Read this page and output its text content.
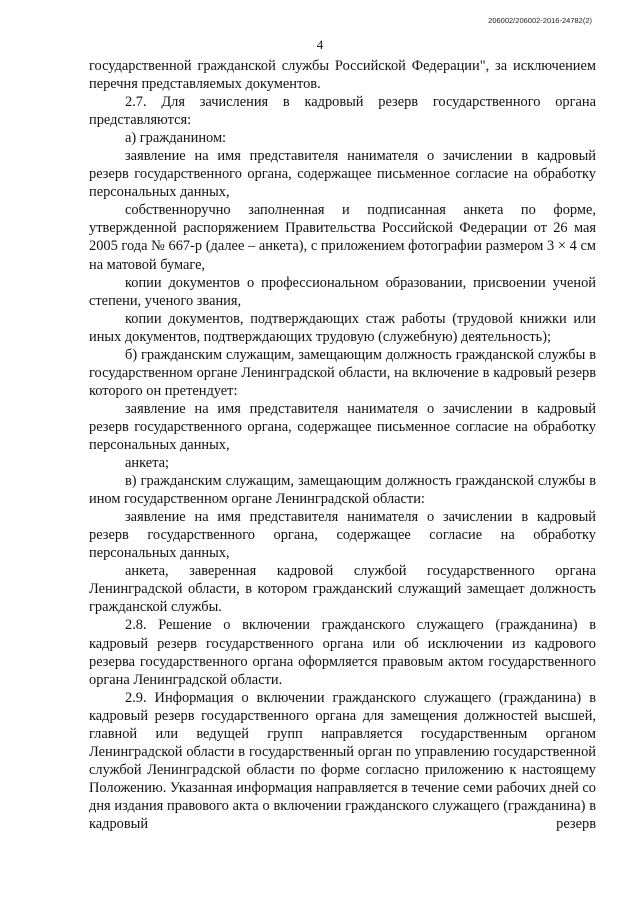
206002/206002-2016-24782(2)
4

государственной гражданской службы Российской Федерации", за исключением перечня представляемых документов.

2.7. Для зачисления в кадровый резерв государственного органа представляются:

а) гражданином:

заявление на имя представителя нанимателя о зачислении в кадровый резерв государственного органа, содержащее письменное согласие на обработку персональных данных,

собственноручно заполненная и подписанная анкета по форме, утвержденной распоряжением Правительства Российской Федерации от 26 мая 2005 года № 667-р (далее – анкета), с приложением фотографии размером 3 × 4 см на матовой бумаге,

копии документов о профессиональном образовании, присвоении ученой степени, ученого звания,

копии документов, подтверждающих стаж работы (трудовой книжки или иных документов, подтверждающих трудовую (служебную) деятельность);

б) гражданским служащим, замещающим должность гражданской службы в государственном органе Ленинградской области, на включение в кадровый резерв которого он претендует:

заявление на имя представителя нанимателя о зачислении в кадровый резерв государственного органа, содержащее письменное согласие на обработку персональных данных,

анкета;

в) гражданским служащим, замещающим должность гражданской службы в ином государственном органе Ленинградской области:

заявление на имя представителя нанимателя о зачислении в кадровый резерв государственного органа, содержащее согласие на обработку персональных данных,

анкета, заверенная кадровой службой государственного органа Ленинградской области, в котором гражданский служащий замещает должность гражданской службы.

2.8. Решение о включении гражданского служащего (гражданина) в кадровый резерв государственного органа или об исключении из кадрового резерва государственного органа оформляется правовым актом государственного органа Ленинградской области.

2.9. Информация о включении гражданского служащего (гражданина) в кадровый резерв государственного органа для замещения должностей высшей, главной или ведущей групп направляется государственным органом Ленинградской области в государственный орган по управлению государственной службой Ленинградской области по форме согласно приложению к настоящему Положению. Указанная информация направляется в течение семи рабочих дней со дня издания правового акта о включении гражданского служащего (гражданина) в кадровый резерв
